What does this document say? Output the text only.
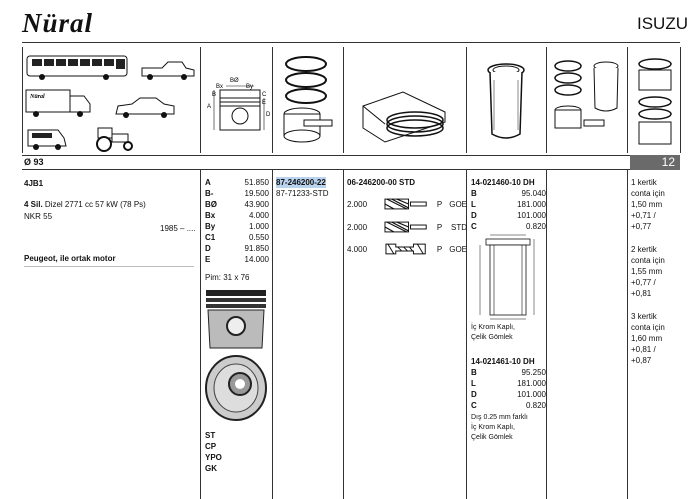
Nüral	ISUZU
Nüral
A
BØ
Bx	By
B	C
D
E
Ø 93	12
4JB1
4 Sil. Dizel 2771 cc 57 kW (78 Ps)
NKR 55
1985 – ....
Peugeot, ile ortak motor
A	51.850
B-	19.500
BØ	43.900
Bx	4.000
By	1.000
C1	0.550
D	91.850
E	14.000
Pim: 31 x 76
ST
CP
YPO
GK
87-246200-22
87-71233-STD
06-246200-00 STD
2.000	P GOE
2.000	P	STD
4.000	P GOE
14-021460-10 DH
B	95.040
L	181.000
D	101.000
C	0.820
İç Krom Kaplı,
Çelik Gömlek
14-021461-10 DH
B	95.250
L	181.000
D	101.000
C	0.820
Dış 0.25 mm farklı
İç Krom Kaplı,
Çelik Gömlek
1 kertik
conta için
1,50 mm
+0,71 /
+0,77
2 kertik
conta için
1,55 mm
+0,77 /
+0,81
3 kertik
conta için
1,60 mm
+0,81 /
+0,87
